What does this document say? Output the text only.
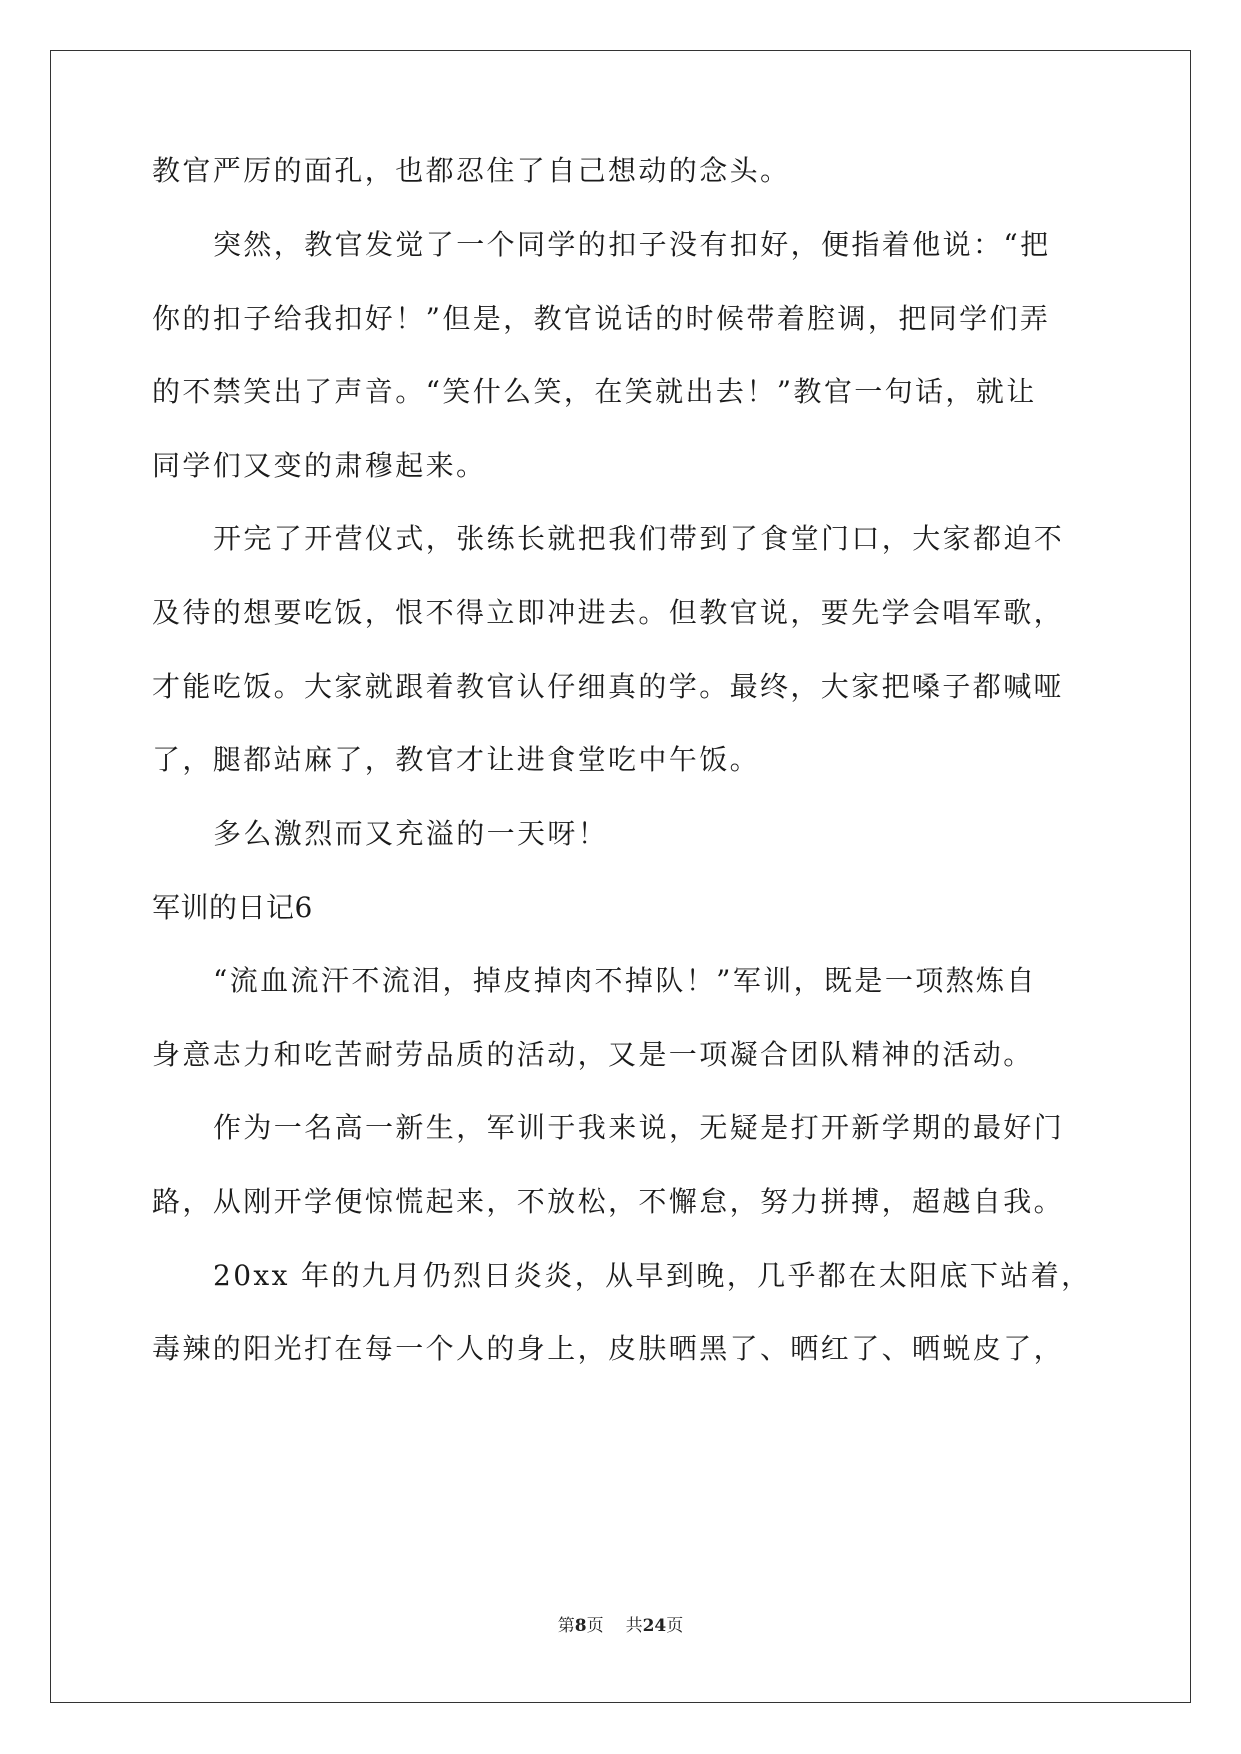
教官严厉的面孔，也都忍住了自己想动的念头。
突然，教官发觉了一个同学的扣子没有扣好，便指着他说：“把
你的扣子给我扣好！”但是，教官说话的时候带着腔调，把同学们弄
的不禁笑出了声音。“笑什么笑，在笑就出去！”教官一句话，就让
同学们又变的肃穆起来。
开完了开营仪式，张练长就把我们带到了食堂门口，大家都迫不
及待的想要吃饭，恨不得立即冲进去。但教官说，要先学会唱军歌，
才能吃饭。大家就跟着教官认仔细真的学。最终，大家把嗓子都喊哑
了，腿都站麻了，教官才让进食堂吃中午饭。
多么激烈而又充溢的一天呀！
军训的日记6
“流血流汗不流泪，掉皮掉肉不掉队！”军训，既是一项熬炼自
身意志力和吃苦耐劳品质的活动，又是一项凝合团队精神的活动。
作为一名高一新生，军训于我来说，无疑是打开新学期的最好门
路，从刚开学便惊慌起来，不放松，不懈怠，努力拼搏，超越自我。
20xx 年的九月仍烈日炎炎，从早到晚，几乎都在太阳底下站着，
毒辣的阳光打在每一个人的身上，皮肤晒黑了、晒红了、晒蜕皮了，
第8页 共24页
